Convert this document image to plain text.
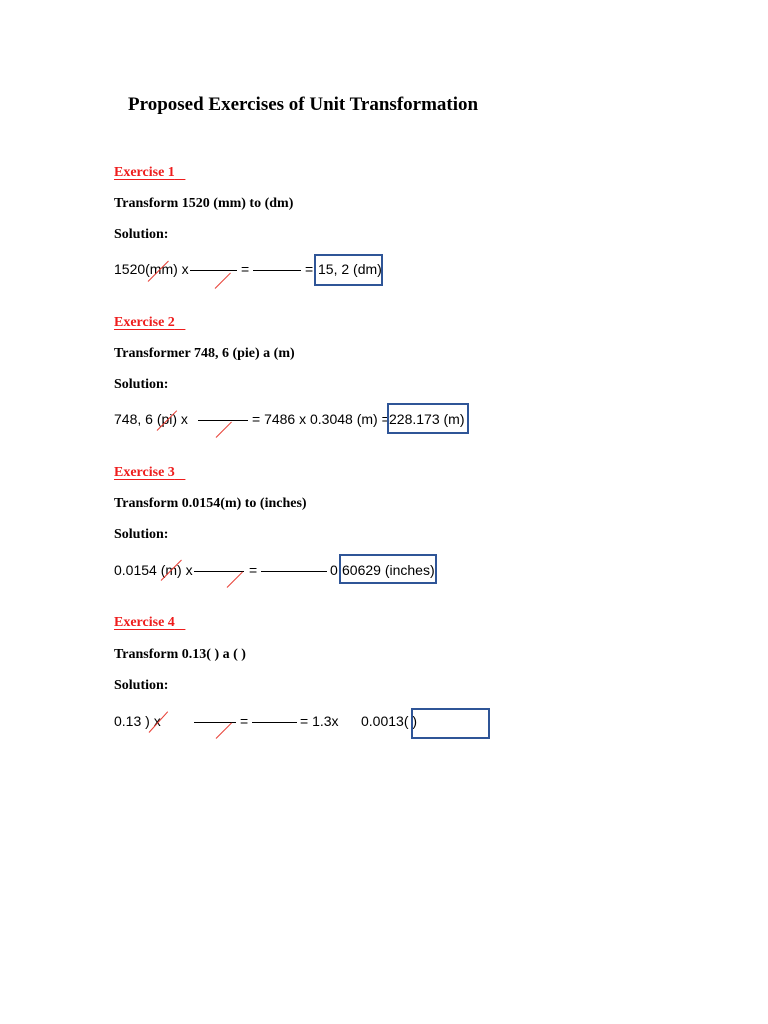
Proposed Exercises of Unit Transformation
Exercise 1
Transform 1520 (mm) to (dm)
Solution:
1520(mm) x	=	= 15, 2 (dm)
Exercise 2
Transformer 748, 6 (pie) a (m)
Solution:
748, 6 (pi) x	= 7486 x 0.3048 (m) = 228.173 (m)
Exercise 3
Transform 0.0154(m) to (inches)
Solution:
0.0154 (m) x	=	0. 60629 (inches)
Exercise 4
Transform 0.13( ) a ( )
Solution:
0.13 ) x	=	= 1.3x 0.0013( )
